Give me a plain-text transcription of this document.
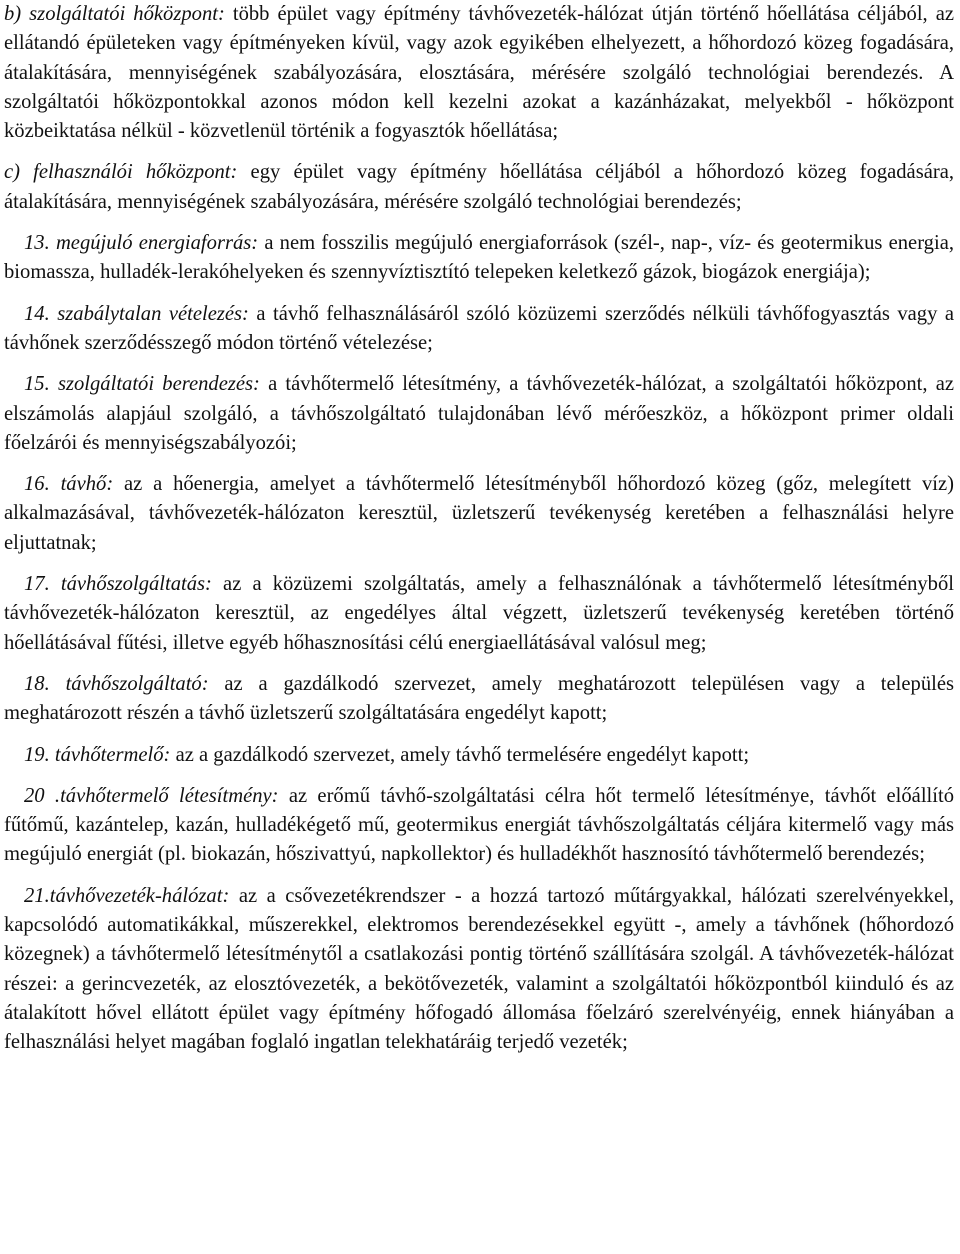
b) szolgáltatói hőközpont: több épület vagy építmény távhővezeték-hálózat útján történő hőellátása céljából, az ellátandó épületeken vagy építményeken kívül, vagy azok egyikében elhelyezett, a hőhordozó közeg fogadására, átalakítására, mennyiségének szabályozására, elosztására, mérésére szolgáló technológiai berendezés. A szolgáltatói hőközpontokkal azonos módon kell kezelni azokat a kazánházakat, melyekből - hőközpont közbeiktatása nélkül - közvetlenül történik a fogyasztók hőellátása;

c) felhasználói hőközpont: egy épület vagy építmény hőellátása céljából a hőhordozó közeg fogadására, átalakítására, mennyiségének szabályozására, mérésére szolgáló technológiai berendezés;

13. megújuló energiaforrás: a nem fosszilis megújuló energiaforrások (szél-, nap-, víz- és geotermikus energia, biomassza, hulladék-lerakóhelyeken és szennyvíztisztító telepeken keletkező gázok, biogázok energiája);

14. szabálytalan vételezés: a távhő felhasználásáról szóló közüzemi szerződés nélküli távhőfogyasztás vagy a távhőnek szerződésszegő módon történő vételezése;

15. szolgáltatói berendezés: a távhőtermelő létesítmény, a távhővezeték-hálózat, a szolgáltatói hőközpont, az elszámolás alapjául szolgáló, a távhőszolgáltató tulajdonában lévő mérőeszköz, a hőközpont primer oldali főelzárói és mennyiségszabályozói;

16. távhő: az a hőenergia, amelyet a távhőtermelő létesítményből hőhordozó közeg (gőz, melegített víz) alkalmazásával, távhővezeték-hálózaton keresztül, üzletszerű tevékenység keretében a felhasználási helyre eljuttatnak;

17. távhőszolgáltatás: az a közüzemi szolgáltatás, amely a felhasználónak a távhőtermelő létesítményből távhővezeték-hálózaton keresztül, az engedélyes által végzett, üzletszerű tevékenység keretében történő hőellátásával fűtési, illetve egyéb hőhasznosítási célú energiaellátásával valósul meg;

18. távhőszolgáltató: az a gazdálkodó szervezet, amely meghatározott településen vagy a település meghatározott részén a távhő üzletszerű szolgáltatására engedélyt kapott;

19. távhőtermelő: az a gazdálkodó szervezet, amely távhő termelésére engedélyt kapott;

20 .távhőtermelő létesítmény: az erőmű távhő-szolgáltatási célra hőt termelő létesítménye, távhőt előállító fűtőmű, kazántelep, kazán, hulladékégető mű, geotermikus energiát távhőszolgáltatás céljára kitermelő vagy más megújuló energiát (pl. biokazán, hőszivattyú, napkollektor) és hulladékhőt hasznosító távhőtermelő berendezés;

21.távhővezeték-hálózat: az a csővezetékrendszer - a hozzá tartozó műtárgyakkal, hálózati szerelvényekkel, kapcsolódó automatikákkal, műszerekkel, elektromos berendezésekkel együtt -, amely a távhőnek (hőhordozó közegnek) a távhőtermelő létesítménytől a csatlakozási pontig történő szállítására szolgál. A távhővezeték-hálózat részei: a gerincvezeték, az elosztóvezeték, a bekötővezeték, valamint a szolgáltatói hőközpontból kiinduló és az átalakított hővel ellátott épület vagy építmény hőfogadó állomása főelzáró szerelvényéig, ennek hiányában a felhasználási helyet magában foglaló ingatlan telekhatáráig terjedő vezeték;
